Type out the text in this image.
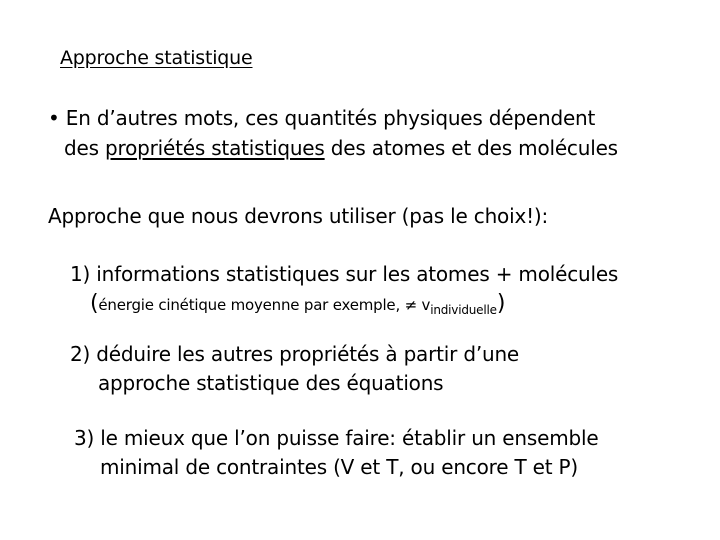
Approche statistique
• En d’autres mots, ces quantités physiques dépendent
des propriétés statistiques des atomes et des molécules
Approche que nous devrons utiliser (pas le choix!):
1) informations statistiques sur les atomes + molécules
(énergie cinétique moyenne par exemple, ≠ $v_{individuelle}$)
2) déduire les autres propriétés à partir d’une
approche statistique des équations
3) le mieux que l’on puisse faire: établir un ensemble
minimal de contraintes (V et T, ou encore T et P)
